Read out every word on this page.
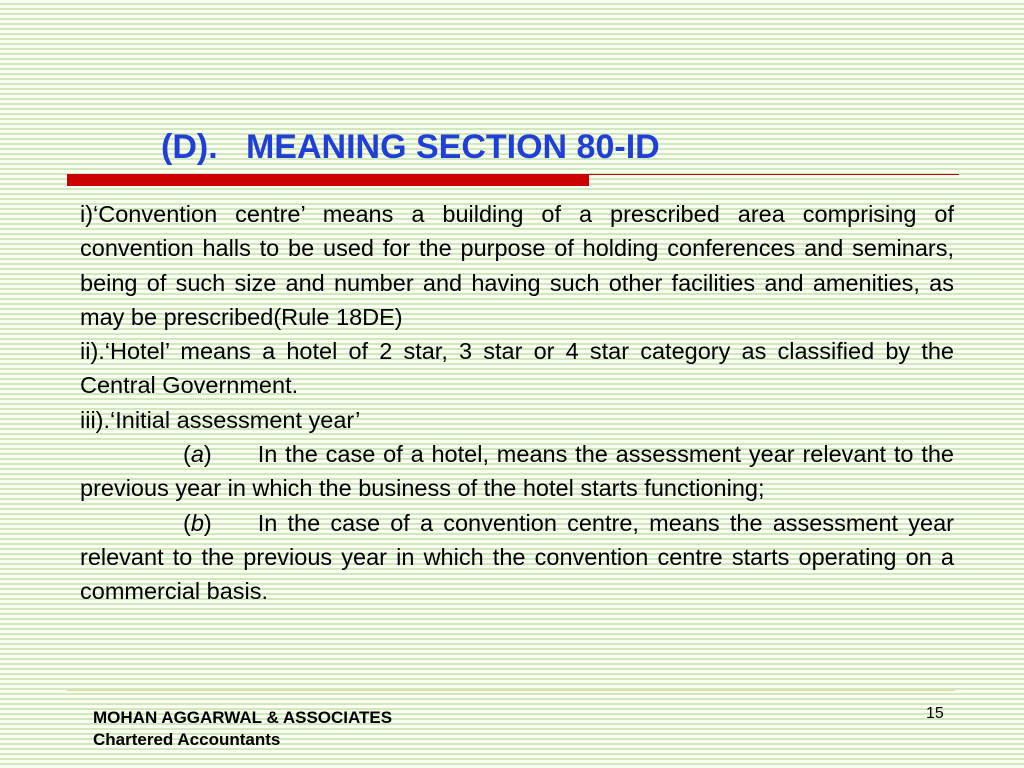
(D).   MEANING SECTION 80-ID

i)‘Convention centre’ means a building of a prescribed area comprising of convention halls to be used for the purpose of holding conferences and seminars, being of such size and number and having such other facilities and amenities, as may be prescribed(Rule 18DE)

ii).‘Hotel’ means a hotel of 2 star, 3 star or 4 star category as classified by the Central Government.

iii).‘Initial assessment year’

(a) In the case of a hotel, means the assessment year relevant to the previous year in which the business of the hotel starts functioning;

(b) In the case of a convention centre, means the assessment year relevant to the previous year in which the convention centre starts operating on a commercial basis.

MOHAN AGGARWAL & ASSOCIATES
Chartered Accountants
15
